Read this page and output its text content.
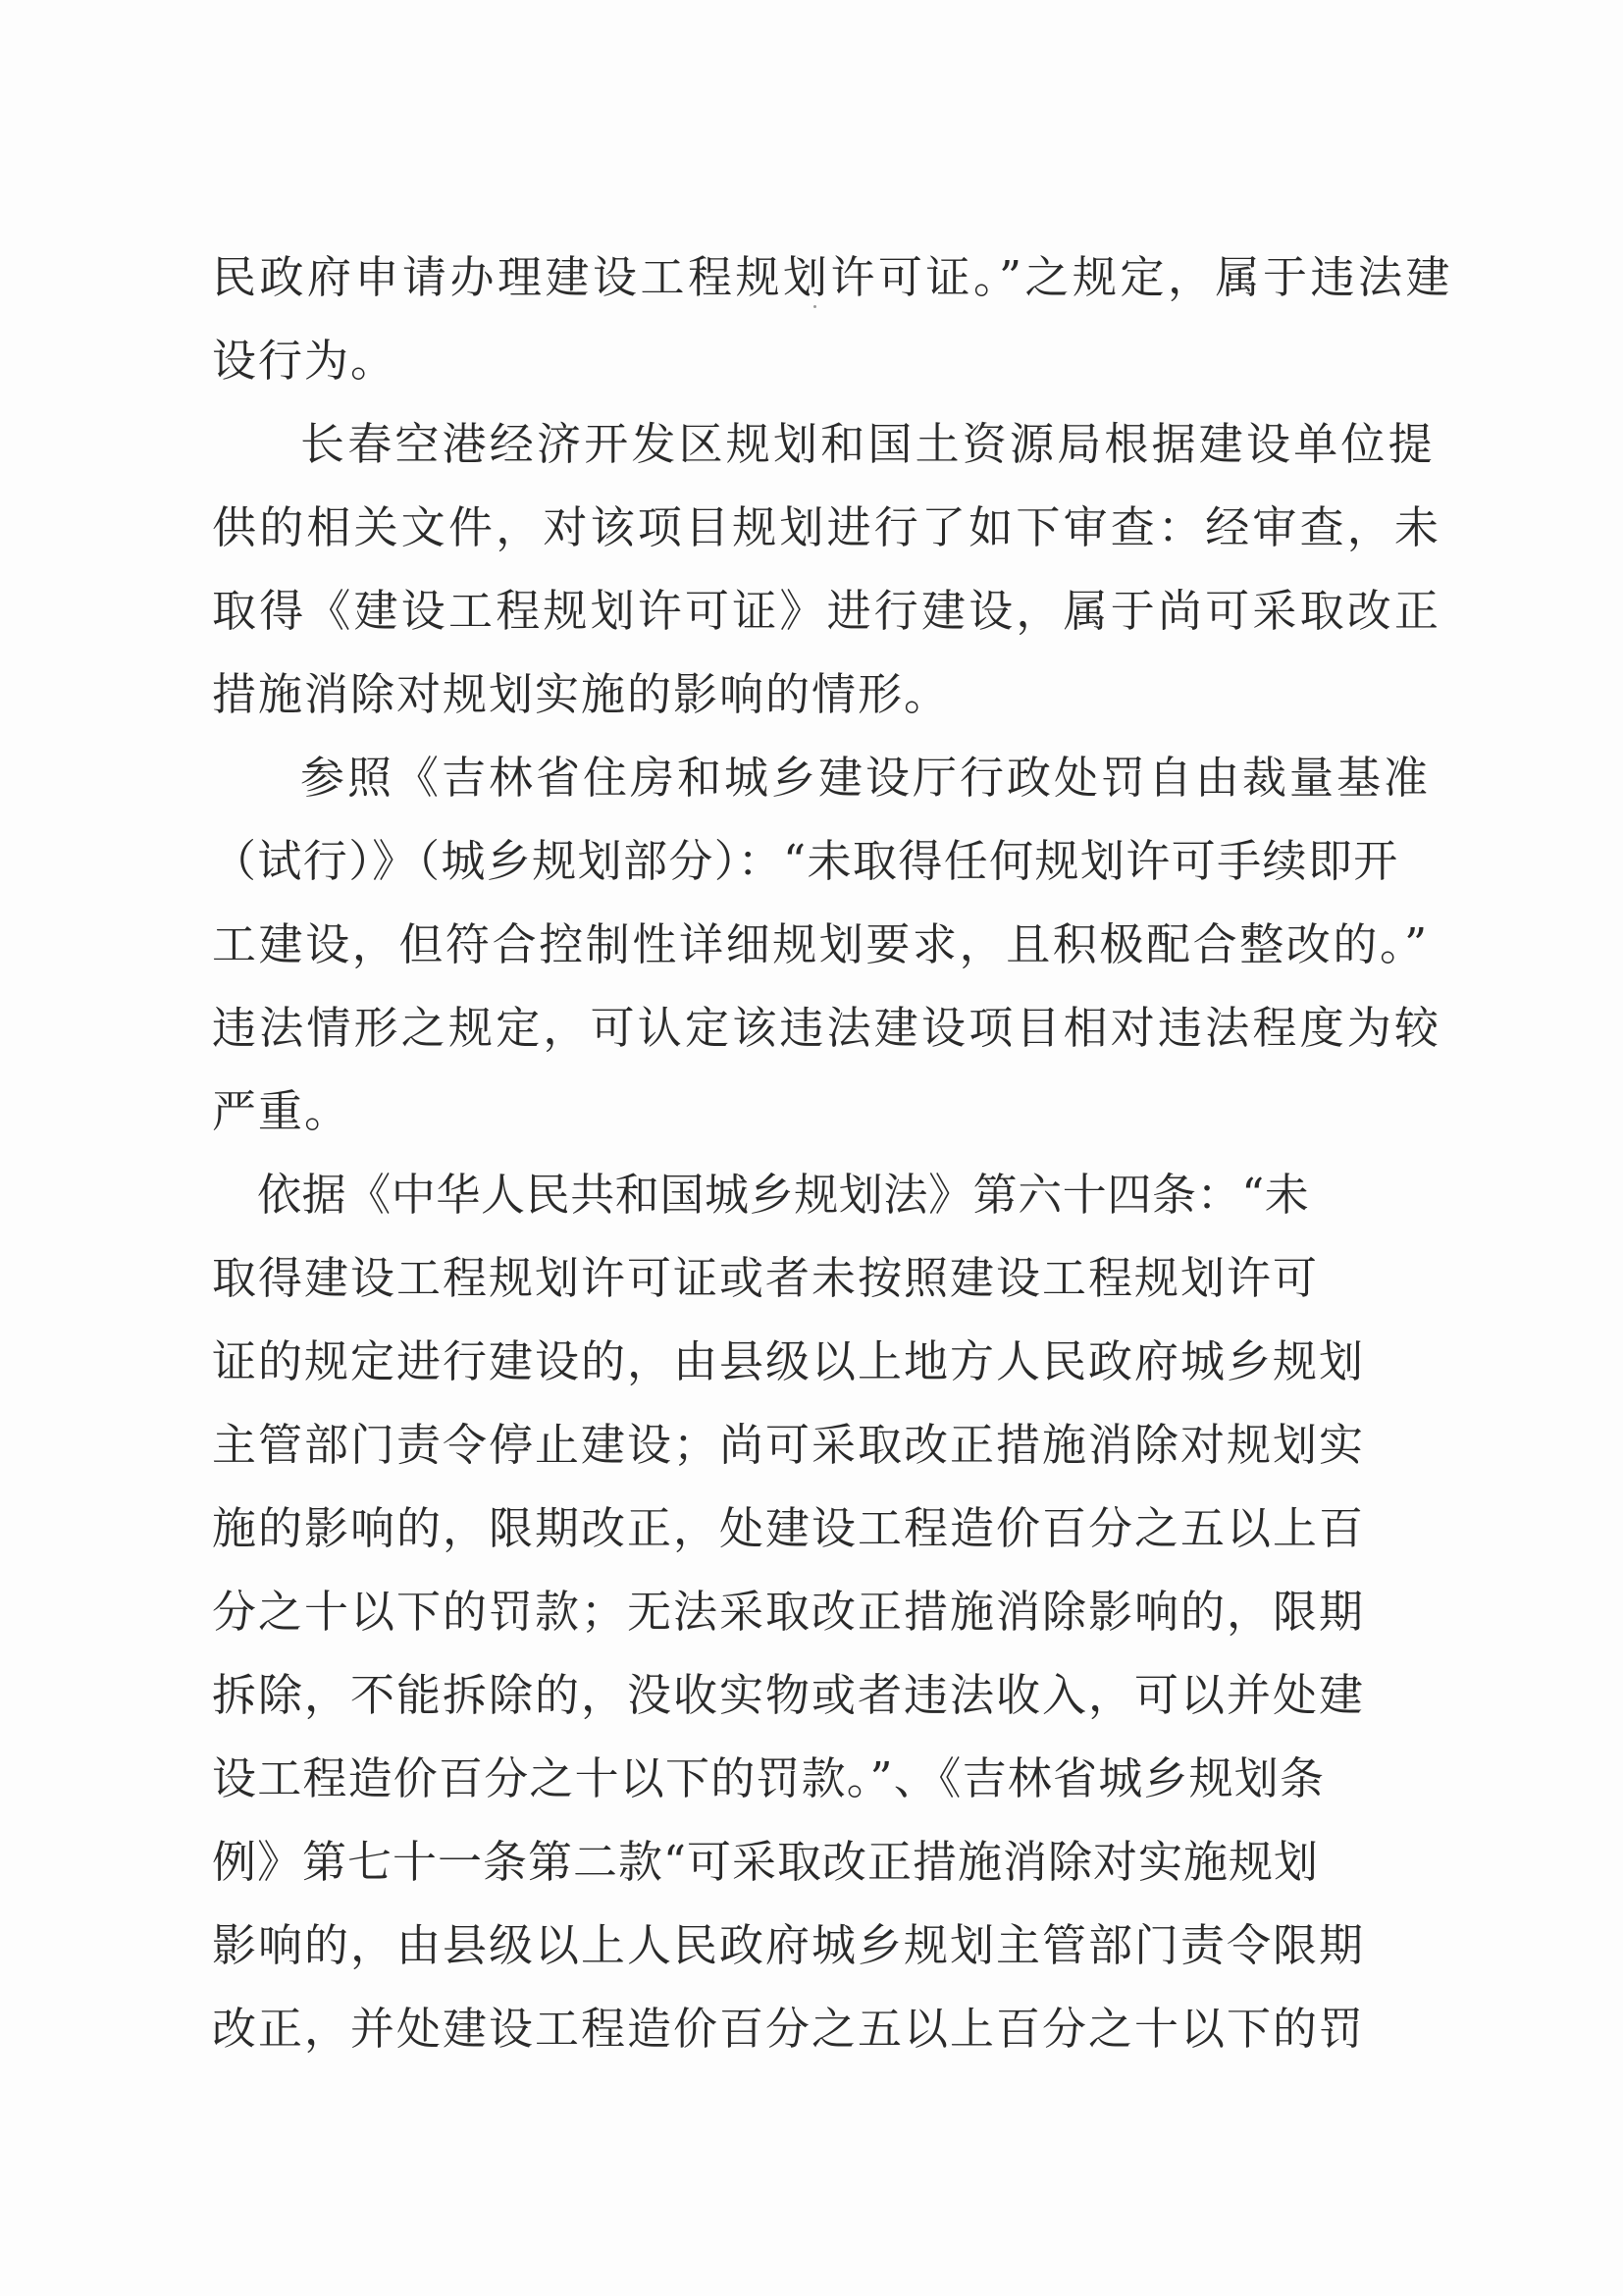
民政府申请办理建设工程规划许可证。”之规定，属于违法建

设行为。

长春空港经济开发区规划和国土资源局根据建设单位提

供的相关文件，对该项目规划进行了如下审查：经审查，未

取得《建设工程规划许可证》进行建设，属于尚可采取改正

措施消除对规划实施的影响的情形。

参照《吉林省住房和城乡建设厅行政处罚自由裁量基准

（试行）》（城乡规划部分）：“未取得任何规划许可手续即开

工建设，但符合控制性详细规划要求，且积极配合整改的。”

违法情形之规定，可认定该违法建设项目相对违法程度为较

严重。

依据《中华人民共和国城乡规划法》第六十四条：“未

取得建设工程规划许可证或者未按照建设工程规划许可

证的规定进行建设的，由县级以上地方人民政府城乡规划

主管部门责令停止建设；尚可采取改正措施消除对规划实

施的影响的，限期改正，处建设工程造价百分之五以上百

分之十以下的罚款；无法采取改正措施消除影响的，限期

拆除，不能拆除的，没收实物或者违法收入，可以并处建

设工程造价百分之十以下的罚款。”、《吉林省城乡规划条

例》第七十一条第二款“可采取改正措施消除对实施规划

影响的，由县级以上人民政府城乡规划主管部门责令限期

改正，并处建设工程造价百分之五以上百分之十以下的罚
